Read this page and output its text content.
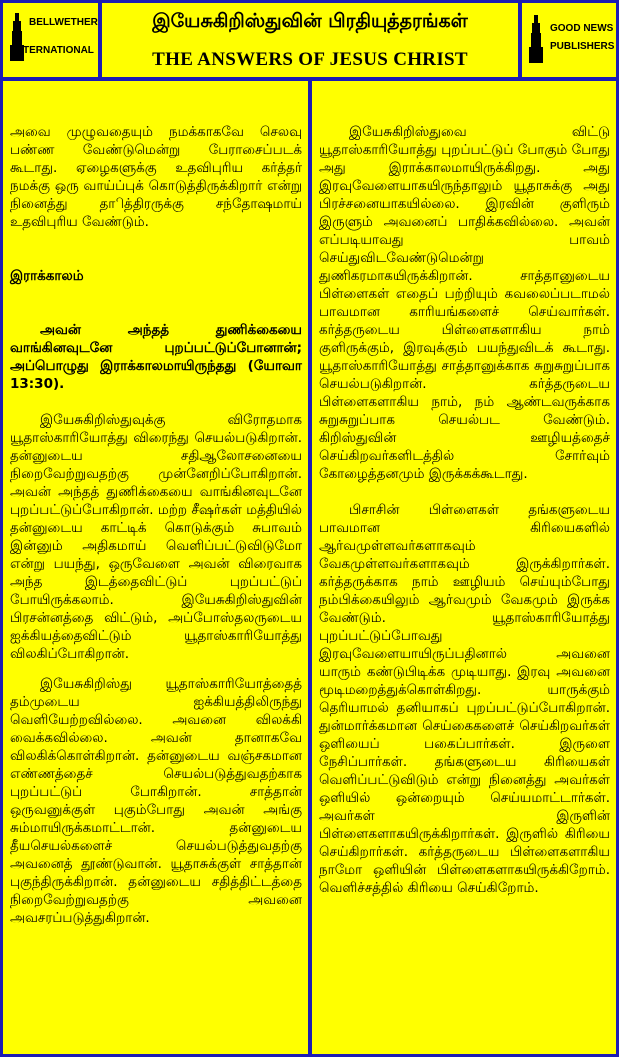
BELLWETHER
INTERNATIONAL
இயேசுகிறிஸ்துவின் பிரதியுத்தரங்கள்
THE ANSWERS OF JESUS CHRIST
GOOD NEWS
PUBLISHERS

அவை முழுவதையும் நமக்காகவே செலவு பண்ண வேண்டுமென்று பேராசைப்படக் கூடாது. ஏழைகளுக்கு உதவிபுரிய கர்த்தர் நமக்கு ஒரு வாய்ப்புக் கொடுத்திருக்கிறார் என்று நினைத்து தாித்திரருக்கு சந்தோஷமாய் உதவிபுரிய வேண்டும்.

இராக்காலம்

அவன் அந்தத் துணிக்கையை வாங்கினவுடனே புறப்பட்டுப்போனான்; அப்பொழுது இராக்காலமாயிருந்தது (யோவா 13:30).

இயேசுகிறிஸ்துவுக்கு விரோதமாக யூதாஸ்காரியோத்து விரைந்து செயல்படுகிறான். தன்னுடைய சதிஆலோசனையை நிறைவேற்றுவதற்கு முன்னேறிப்போகிறான். அவன் அந்தத் துணிக்கையை வாங்கினவுடனே புறப்பட்டுப்போகிறான். மற்ற சீஷர்கள் மத்தியில் தன்னுடைய காட்டிக் கொடுக்கும் சுபாவம் இன்னும் அதிகமாய் வெளிப்பட்டுவிடுமோ என்று பயந்து, ஒருவேளை அவன் விரைவாக அந்த இடத்தைவிட்டுப் புறப்பட்டுப் போயிருக்கலாம். இயேசுகிறிஸ்துவின் பிரசன்னத்தை விட்டும், அப்போஸ்தலருடைய ஐக்கியத்தைவிட்டும் யூதாஸ்காரியோத்து விலகிப்போகிறான்.

இயேசுகிறிஸ்து யூதாஸ்காரியோத்தைத் தம்முடைய ஐக்கியத்திலிருந்து வெளியேற்றவில்லை. அவனை விலக்கி வைக்கவில்லை. அவன் தானாகவே விலகிக்கொள்கிறான். தன்னுடைய வஞ்சகமான எண்ணத்தைச் செயல்படுத்துவதற்காக புறப்பட்டுப் போகிறான். சாத்தான் ஒருவனுக்குள் புகும்போது அவன் அங்கு சும்மாயிருக்கமாட்டான். தன்னுடைய தீயசெயல்களைச் செயல்படுத்துவதற்கு அவனைத் தூண்டுவான். யூதாசுக்குள் சாத்தான் புகுந்திருக்கிறான். தன்னுடைய சதித்திட்டத்தை நிறைவேற்றுவதற்கு அவனை அவசரப்படுத்துகிறான்.

இயேசுகிறிஸ்துவை விட்டு யூதாஸ்காரியோத்து புறப்பட்டுப் போகும் போது அது இராக்காலமாயிருக்கிறது. அது இரவுவேளையாகயிருந்தாலும் யூதாசுக்கு அது பிரச்சனையாகயில்லை. இரவின் குளிரும் இருளும் அவனைப் பாதிக்கவில்லை. அவன் எப்படியாவது பாவம் செய்துவிடவேண்டுமென்று துணிகரமாகயிருக்கிறான். சாத்தானுடைய பிள்ளைகள் எதைப் பற்றியும் கவலைப்படாமல் பாவமான காரியங்களைச் செய்வார்கள். கர்த்தருடைய பிள்ளைகளாகிய நாம் குளிருக்கும், இரவுக்கும் பயந்துவிடக் கூடாது. யூதாஸ்காரியோத்து சாத்தானுக்காக சுறுசுறுப்பாக செயல்படுகிறான். கர்த்தருடைய பிள்ளைகளாகிய நாம், நம் ஆண்டவருக்காக சுறுசுறுப்பாக செயல்பட வேண்டும். கிறிஸ்துவின் ஊழியத்தைச் செய்கிறவர்களிடத்தில் சோர்வும் கோழைத்தனமும் இருக்கக்கூடாது.

பிசாசின் பிள்ளைகள் தங்களுடைய பாவமான கிரியைகளில் ஆர்வமுள்ளவர்களாகவும் வேகமுள்ளவர்களாகவும் இருக்கிறார்கள். கர்த்தருக்காக நாம் ஊழியம் செய்யும்போது நம்பிக்கையிலும் ஆர்வமும் வேகமும் இருக்க வேண்டும். யூதாஸ்காரியோத்து புறப்பட்டுப்போவது இரவுவேளையாயிருப்பதினால் அவனை யாரும் கண்டுபிடிக்க முடியாது. இரவு அவனை மூடிமறைத்துக்கொள்கிறது. யாருக்கும் தெரியாமல் தனியாகப் புறப்பட்டுப்போகிறான். துன்மார்க்கமான செய்கைகளைச் செய்கிறவர்கள் ஒளியைப் பகைப்பார்கள். இருளை நேசிப்பார்கள். தங்களுடைய கிரியைகள் வெளிப்பட்டுவிடும் என்று நினைத்து அவர்கள் ஒளியில் ஒன்றையும் செய்யமாட்டார்கள். அவர்கள் இருளின் பிள்ளைகளாகயிருக்கிறார்கள். இருளில் கிரியை செய்கிறார்கள். கர்த்தருடைய பிள்ளைகளாகிய நாமோ ஒளியின் பிள்ளைகளாகயிருக்கிறோம். வெளிச்சத்தில் கிரியை செய்கிறோம்.
